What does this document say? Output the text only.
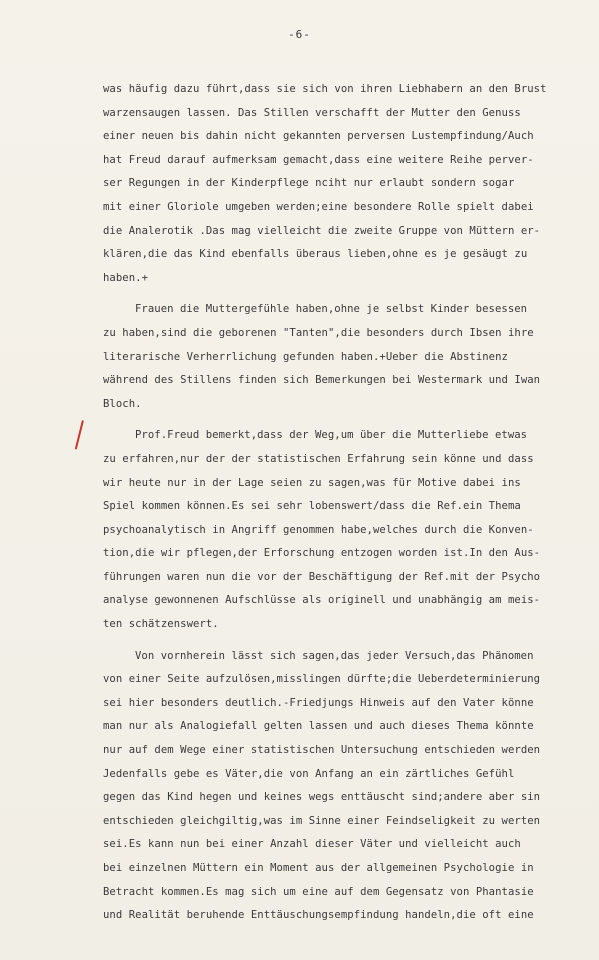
-6-
was häufig dazu führt,dass sie sich von ihren Liebhabern an den Brust
warzensaugen lassen. Das Stillen verschafft der Mutter den Genuss
einer neuen bis dahin nicht gekannten perversen Lustempfindung/Auch
hat Freud darauf aufmerksam gemacht,dass eine weitere Reihe perver-
ser Regungen in der Kinderpflege nciht nur erlaubt sondern sogar
mit einer Gloriole umgeben werden;eine besondere Rolle spielt dabei
die Analerotik .Das mag vielleicht die zweite Gruppe von Müttern er-
klären,die das Kind ebenfalls überaus lieben,ohne es je gesäugt zu
haben.+
Frauen die Muttergefühle haben,ohne je selbst Kinder besessen
zu haben,sind die geborenen "Tanten",die besonders durch Ibsen ihre
literarische Verherrlichung gefunden haben.+Ueber die Abstinenz
während des Stillens finden sich Bemerkungen bei Westermark und Iwan
Bloch.
Prof.Freud bemerkt,dass der Weg,um über die Mutterliebe etwas
zu erfahren,nur der der statistischen Erfahrung sein könne und dass
wir heute nur in der Lage seien zu sagen,was für Motive dabei ins
Spiel kommen können.Es sei sehr lobenswert/dass die Ref.ein Thema
psychoanalytisch in Angriff genommen habe,welches durch die Konven-
tion,die wir pflegen,der Erforschung entzogen worden ist.In den Aus-
führungen waren nun die vor der Beschäftigung der Ref.mit der Psycho
analyse gewonnenen Aufschlüsse als originell und unabhängig am meis-
ten schätzenswert.
Von vornherein lässt sich sagen,das jeder Versuch,das Phänomen
von einer Seite aufzulösen,misslingen dürfte;die Ueberdeterminierung
sei hier besonders deutlich.-Friedjungs Hinweis auf den Vater könne
man nur als Analogiefall gelten lassen und auch dieses Thema könnte
nur auf dem Wege einer statistischen Untersuchung entschieden werden
Jedenfalls gebe es Väter,die von Anfang an ein zärtliches Gefühl
gegen das Kind hegen und keines wegs enttäuscht sind;andere aber sin
entschieden gleichgiltig,was im Sinne einer Feindseligkeit zu werten
sei.Es kann nun bei einer Anzahl dieser Väter und vielleicht auch
bei einzelnen Müttern ein Moment aus der allgemeinen Psychologie in
Betracht kommen.Es mag sich um eine auf dem Gegensatz von Phantasie
und Realität beruhende Enttäuschungsempfindung handeln,die oft eine
